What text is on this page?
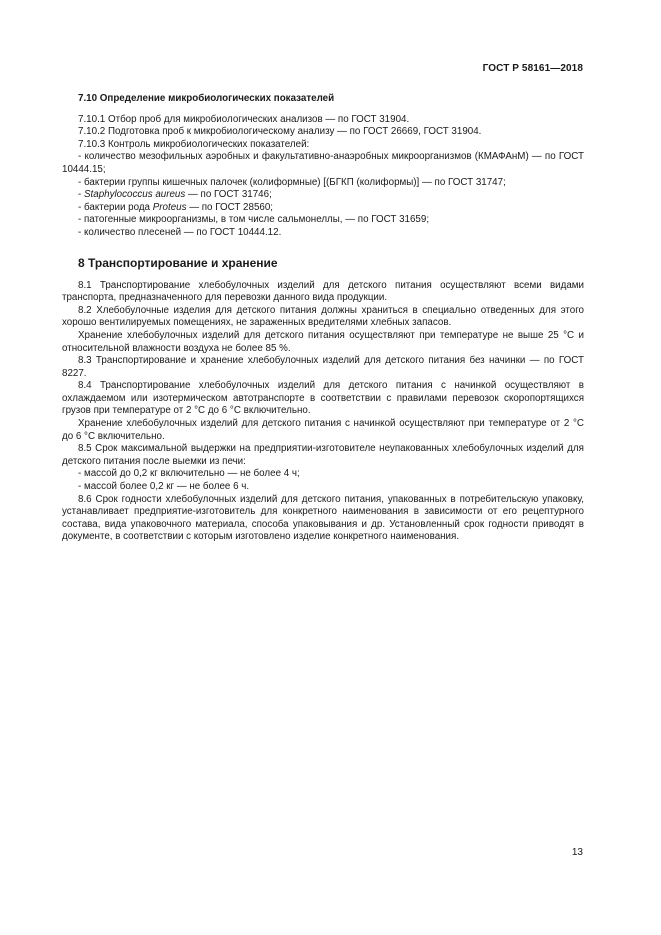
ГОСТ Р 58161—2018
7.10 Определение микробиологических показателей

7.10.1 Отбор проб для микробиологических анализов — по ГОСТ 31904.

7.10.2 Подготовка проб к микробиологическому анализу — по ГОСТ 26669, ГОСТ 31904.

7.10.3 Контроль микробиологических показателей:

- количество мезофильных аэробных и факультативно-анаэробных микроорганизмов (КМАФАнМ) — по ГОСТ 10444.15;

- бактерии группы кишечных палочек (колиформные) [(БГКП (колиформы)] — по ГОСТ 31747;

- Staphylococcus aureus — по ГОСТ 31746;

- бактерии рода Proteus — по ГОСТ 28560;

- патогенные микроорганизмы, в том числе сальмонеллы, — по ГОСТ 31659;

- количество плесеней — по ГОСТ 10444.12.

8 Транспортирование и хранение

8.1 Транспортирование хлебобулочных изделий для детского питания осуществляют всеми видами транспорта, предназначенного для перевозки данного вида продукции.

8.2 Хлебобулочные изделия для детского питания должны храниться в специально отведенных для этого хорошо вентилируемых помещениях, не зараженных вредителями хлебных запасов.

Хранение хлебобулочных изделий для детского питания осуществляют при температуре не выше 25 °С и относительной влажности воздуха не более 85 %.

8.3 Транспортирование и хранение хлебобулочных изделий для детского питания без начинки — по ГОСТ 8227.

8.4 Транспортирование хлебобулочных изделий для детского питания с начинкой осуществляют в охлаждаемом или изотермическом автотранспорте в соответствии с правилами перевозок скоропортящихся грузов при температуре от 2 °С до 6 °С включительно.

Хранение хлебобулочных изделий для детского питания с начинкой осуществляют при температуре от 2 °С до 6 °С включительно.

8.5 Срок максимальной выдержки на предприятии-изготовителе неупакованных хлебобулочных изделий для детского питания после выемки из печи:

- массой до 0,2 кг включительно — не более 4 ч;

- массой более 0,2 кг — не более 6 ч.

8.6 Срок годности хлебобулочных изделий для детского питания, упакованных в потребительскую упаковку, устанавливает предприятие-изготовитель для конкретного наименования в зависимости от его рецептурного состава, вида упаковочного материала, способа упаковывания и др. Установленный срок годности приводят в документе, в соответствии с которым изготовлено изделие конкретного наименования.

13
